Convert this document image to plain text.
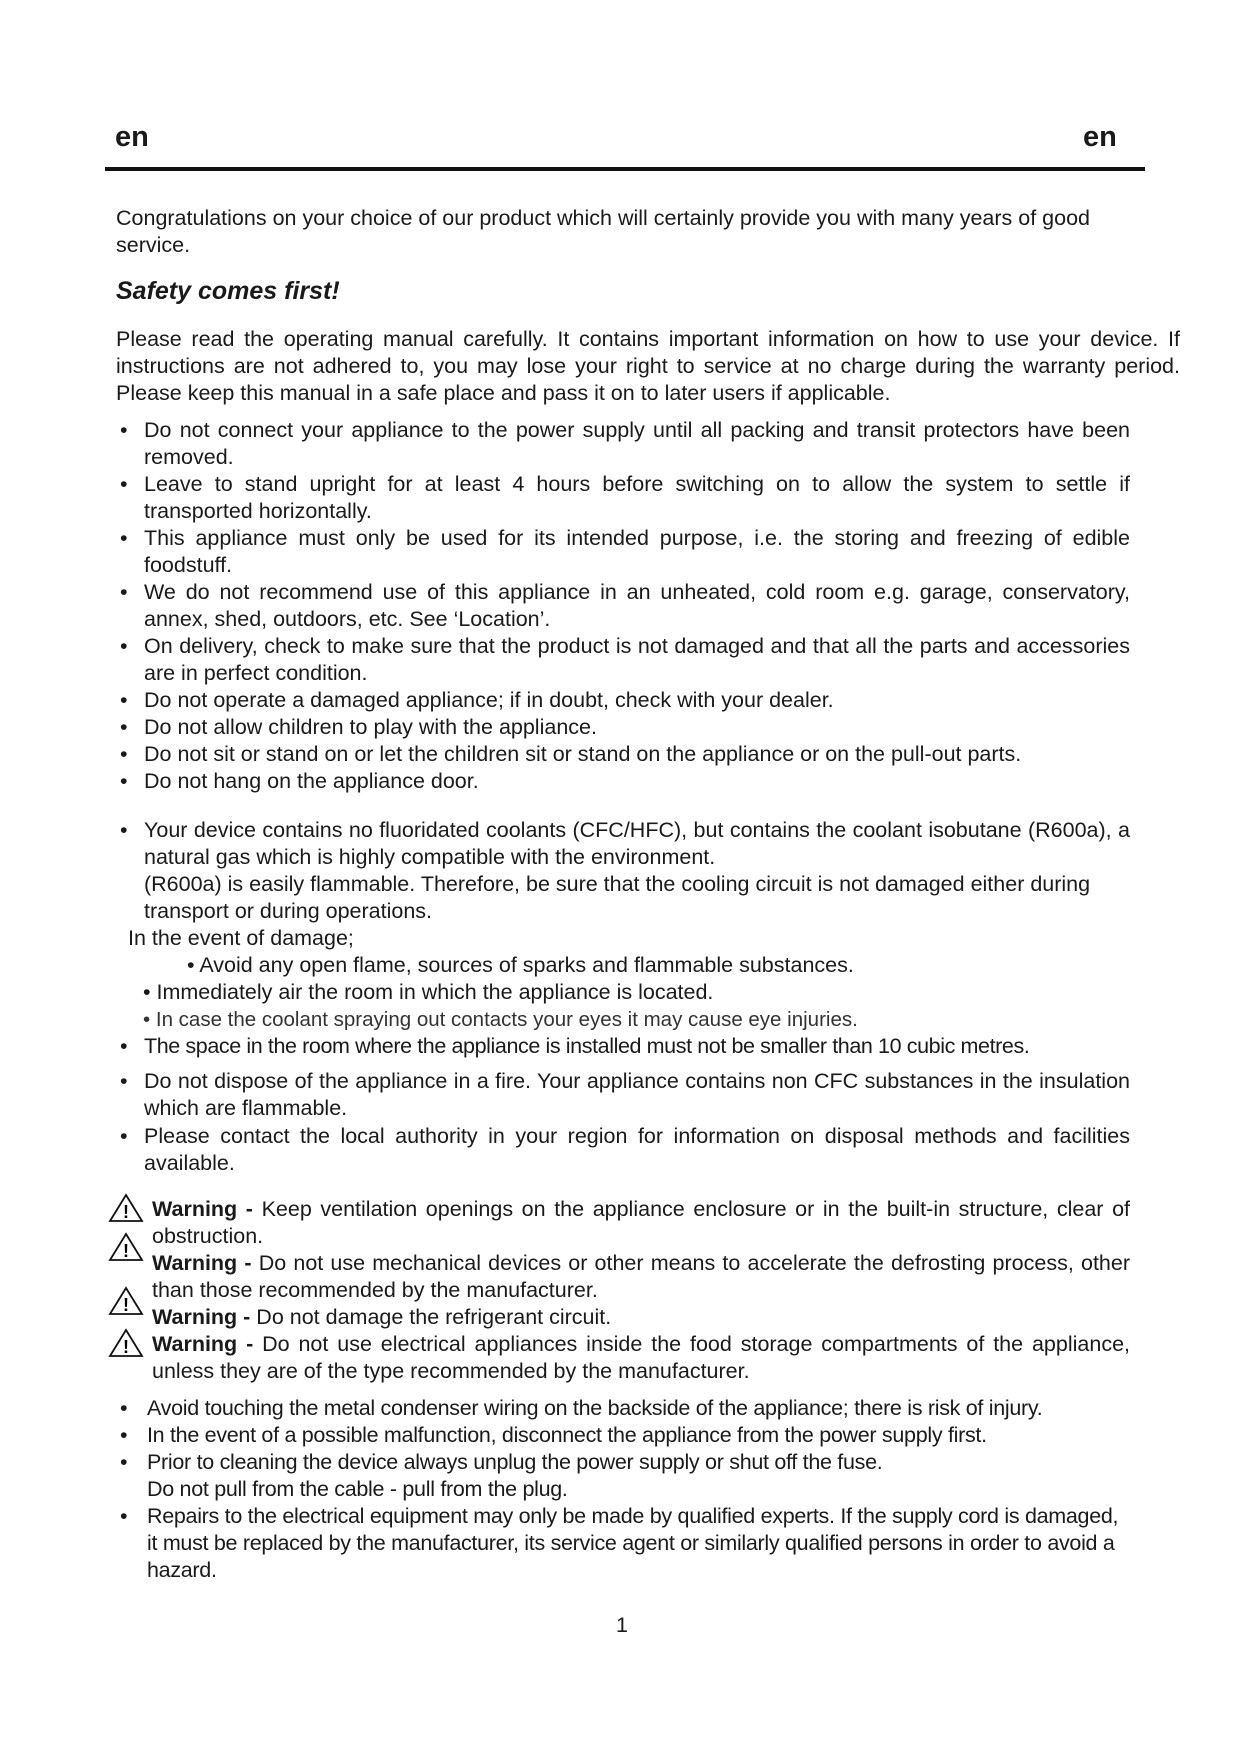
en	en
Congratulations on your choice of our product which will certainly provide you with many years of good service.
Safety comes first!
Please read the operating manual carefully. It contains important information on how to use your device. If instructions are not adhered to, you may lose your right to service at no charge during the warranty period. Please keep this manual in a safe place and pass it on to later users if applicable.
• Do not connect your appliance to the power supply until all packing and transit protectors have been removed.
• Leave to stand upright for at least 4 hours before switching on to allow the system to settle if transported horizontally.
• This appliance must only be used for its intended purpose, i.e. the storing and freezing of edible foodstuff.
• We do not recommend use of this appliance in an unheated, cold room e.g. garage, conservatory, annex, shed, outdoors, etc. See ‘Location’.
• On delivery, check to make sure that the product is not damaged and that all the parts and accessories are in perfect condition.
• Do not operate a damaged appliance; if in doubt, check with your dealer.
• Do not allow children to play with the appliance.
• Do not sit or stand on or let the children sit or stand on the appliance or on the pull-out parts.
• Do not hang on the appliance door.
• Your device contains no fluoridated coolants (CFC/HFC), but contains the coolant isobutane (R600a), a natural gas which is highly compatible with the environment.

(R600a) is easily flammable. Therefore, be sure that the cooling circuit is not damaged either during transport or during operations.
In the event of damage;
• Avoid any open flame, sources of sparks and flammable substances.
• Immediately air the room in which the appliance is located.
• In case the coolant spraying out contacts your eyes it may cause eye injuries.
• The space in the room where the appliance is installed must not be smaller than 10 cubic metres.
• Do not dispose of the appliance in a fire. Your appliance contains non CFC substances in the insulation which are flammable.
• Please contact the local authority in your region for information on disposal methods and facilities available.
! Warning - Keep ventilation openings on the appliance enclosure or in the built-in structure, clear of obstruction.
! Warning - Do not use mechanical devices or other means to accelerate the defrosting process, other than those recommended by the manufacturer.
! Warning - Do not damage the refrigerant circuit.
! Warning - Do not use electrical appliances inside the food storage compartments of the appliance, unless they are of the type recommended by the manufacturer.
• Avoid touching the metal condenser wiring on the backside of the appliance; there is risk of injury.
• In the event of a possible malfunction, disconnect the appliance from the power supply first.
• Prior to cleaning the device always unplug the power supply or shut off the fuse.
Do not pull from the cable - pull from the plug.
• Repairs to the electrical equipment may only be made by qualified experts. If the supply cord is damaged, it must be replaced by the manufacturer, its service agent or similarly qualified persons in order to avoid a hazard.
1
